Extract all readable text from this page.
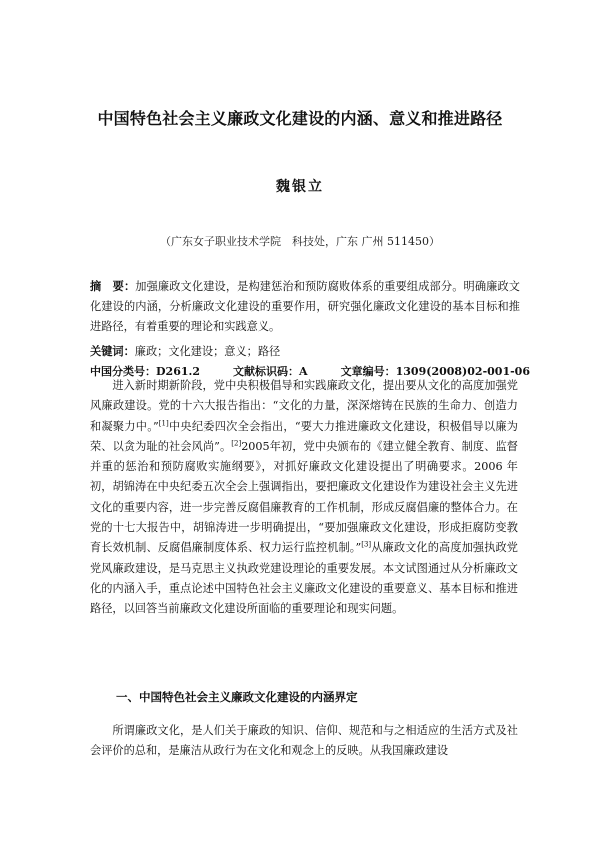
中国特色社会主义廉政文化建设的内涵、意义和推进路径
魏银立
（广东女子职业技术学院　科技处，广东 广州 511450）
摘　要：加强廉政文化建设，是构建惩治和预防腐败体系的重要组成部分。明确廉政文化建设的内涵，分析廉政文化建设的重要作用，研究强化廉政文化建设的基本目标和推进路径，有着重要的理论和实践意义。
关键词：廉政；文化建设；意义；路径
中国分类号：D261.2	文献标识码：A	文章编号：1309(2008)02-001-06
进入新时期新阶段，党中央积极倡导和实践廉政文化，提出要从文化的高度加强党风廉政建设。党的十六大报告指出：“文化的力量，深深熔铸在民族的生命力、创造力和凝聚力中。”[1]中央纪委四次全会指出，“要大力推进廉政文化建设，积极倡导以廉为荣、以贪为耻的社会风尚”。[2]2005年初，党中央颁布的《建立健全教育、制度、监督并重的惩治和预防腐败实施纲要》，对抓好廉政文化建设提出了明确要求。2006 年初，胡锦涛在中央纪委五次全会上强调指出，要把廉政文化建设作为建设社会主义先进文化的重要内容，进一步完善反腐倡廉教育的工作机制，形成反腐倡廉的整体合力。在党的十七大报告中，胡锦涛进一步明确提出，“要加强廉政文化建设，形成拒腐防变教育长效机制、反腐倡廉制度体系、权力运行监控机制。”[3]从廉政文化的高度加强执政党党风廉政建设，是马克思主义执政党建设理论的重要发展。本文试图通过从分析廉政文化的内涵入手，重点论述中国特色社会主义廉政文化建设的重要意义、基本目标和推进路径，以回答当前廉政文化建设所面临的重要理论和现实问题。
一、中国特色社会主义廉政文化建设的内涵界定
所谓廉政文化，是人们关于廉政的知识、信仰、规范和与之相适应的生活方式及社会评价的总和，是廉洁从政行为在文化和观念上的反映。从我国廉政建设
